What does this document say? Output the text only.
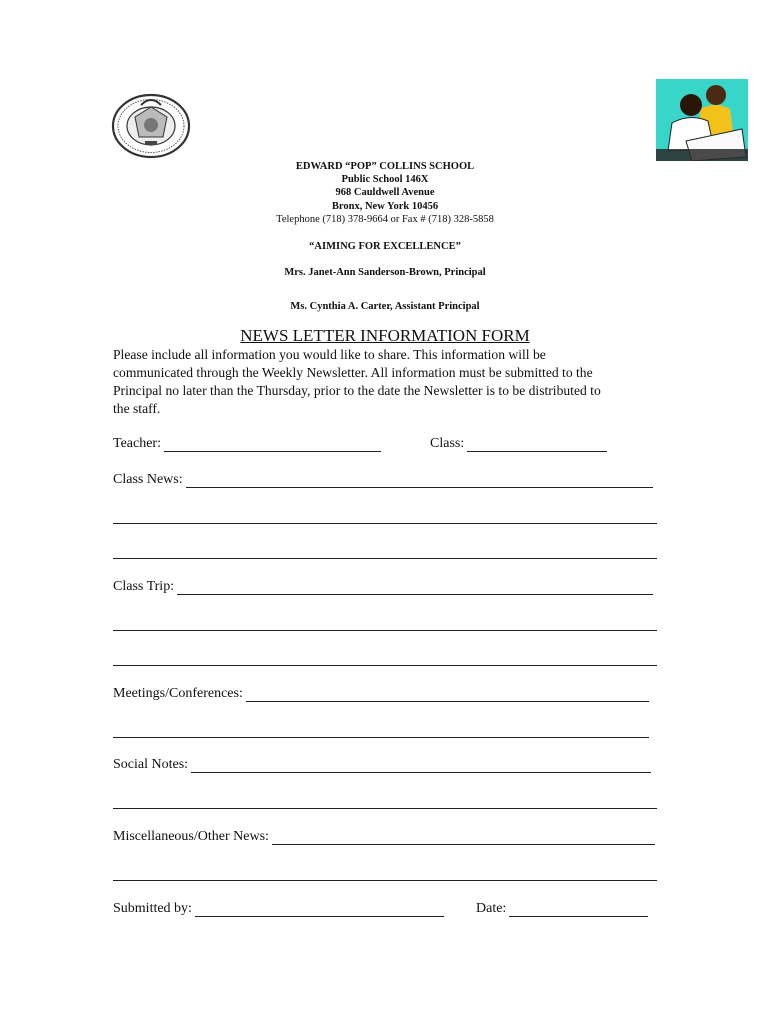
EDWARD “POP” COLLINS SCHOOL
Public School 146X
968 Cauldwell Avenue
Bronx, New York 10456
Telephone (718) 378-9664 or Fax # (718) 328-5858
“AIMING FOR EXCELLENCE”
Mrs. Janet-Ann Sanderson-Brown, Principal
Ms. Cynthia A. Carter, Assistant Principal
NEWS LETTER INFORMATION FORM
Please include all information you would like to share. This information will be
communicated through the Weekly Newsletter. All information must be submitted to the
Principal no later than the Thursday, prior to the date the Newsletter is to be distributed to
the staff.
Teacher:	Class:
Class News:
Class Trip:
Meetings/Conferences:
Social Notes:
Miscellaneous/Other News:
Submitted by:	Date:
